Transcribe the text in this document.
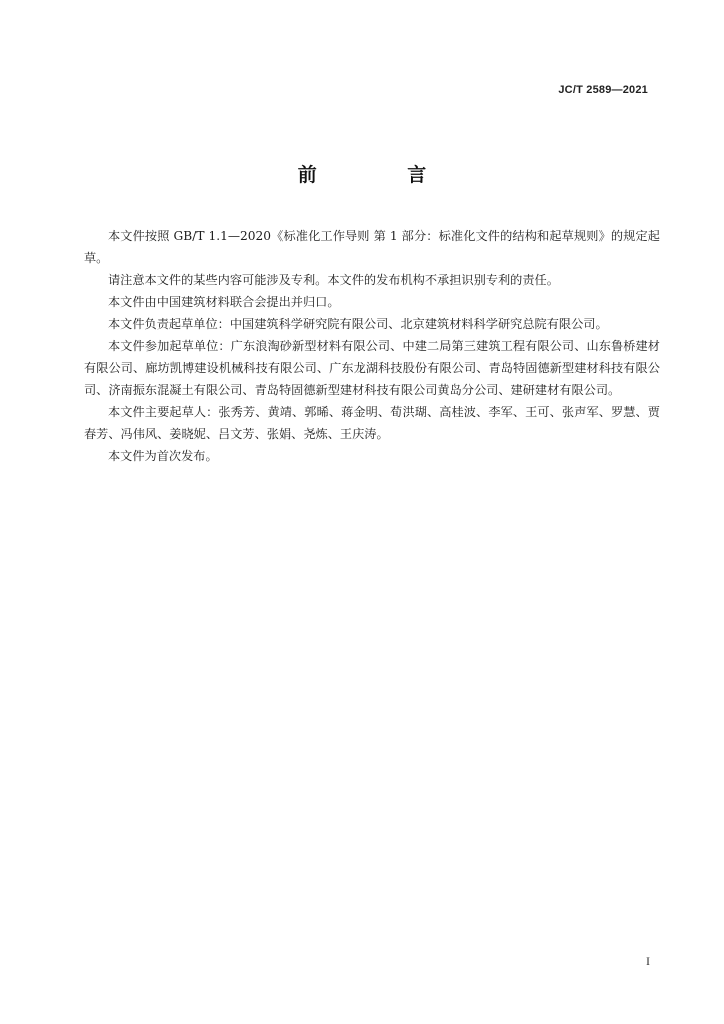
JC/T 2589—2021
前 言

本文件按照 GB/T 1.1—2020《标准化工作导则 第 1 部分：标准化文件的结构和起草规则》的规定起草。

请注意本文件的某些内容可能涉及专利。本文件的发布机构不承担识别专利的责任。

本文件由中国建筑材料联合会提出并归口。

本文件负责起草单位：中国建筑科学研究院有限公司、北京建筑材料科学研究总院有限公司。

本文件参加起草单位：广东浪淘砂新型材料有限公司、中建二局第三建筑工程有限公司、山东鲁桥建材有限公司、廊坊凯博建设机械科技有限公司、广东龙湖科技股份有限公司、青岛特固德新型建材科技有限公司、济南振东混凝土有限公司、青岛特固德新型建材科技有限公司黄岛分公司、建研建材有限公司。

本文件主要起草人：张秀芳、黄靖、郭晞、蒋金明、荀洪瑚、高桂波、李军、王可、张声军、罗慧、贾春芳、冯伟风、姜晓妮、吕文芳、张娟、尧炼、王庆涛。

本文件为首次发布。

I
